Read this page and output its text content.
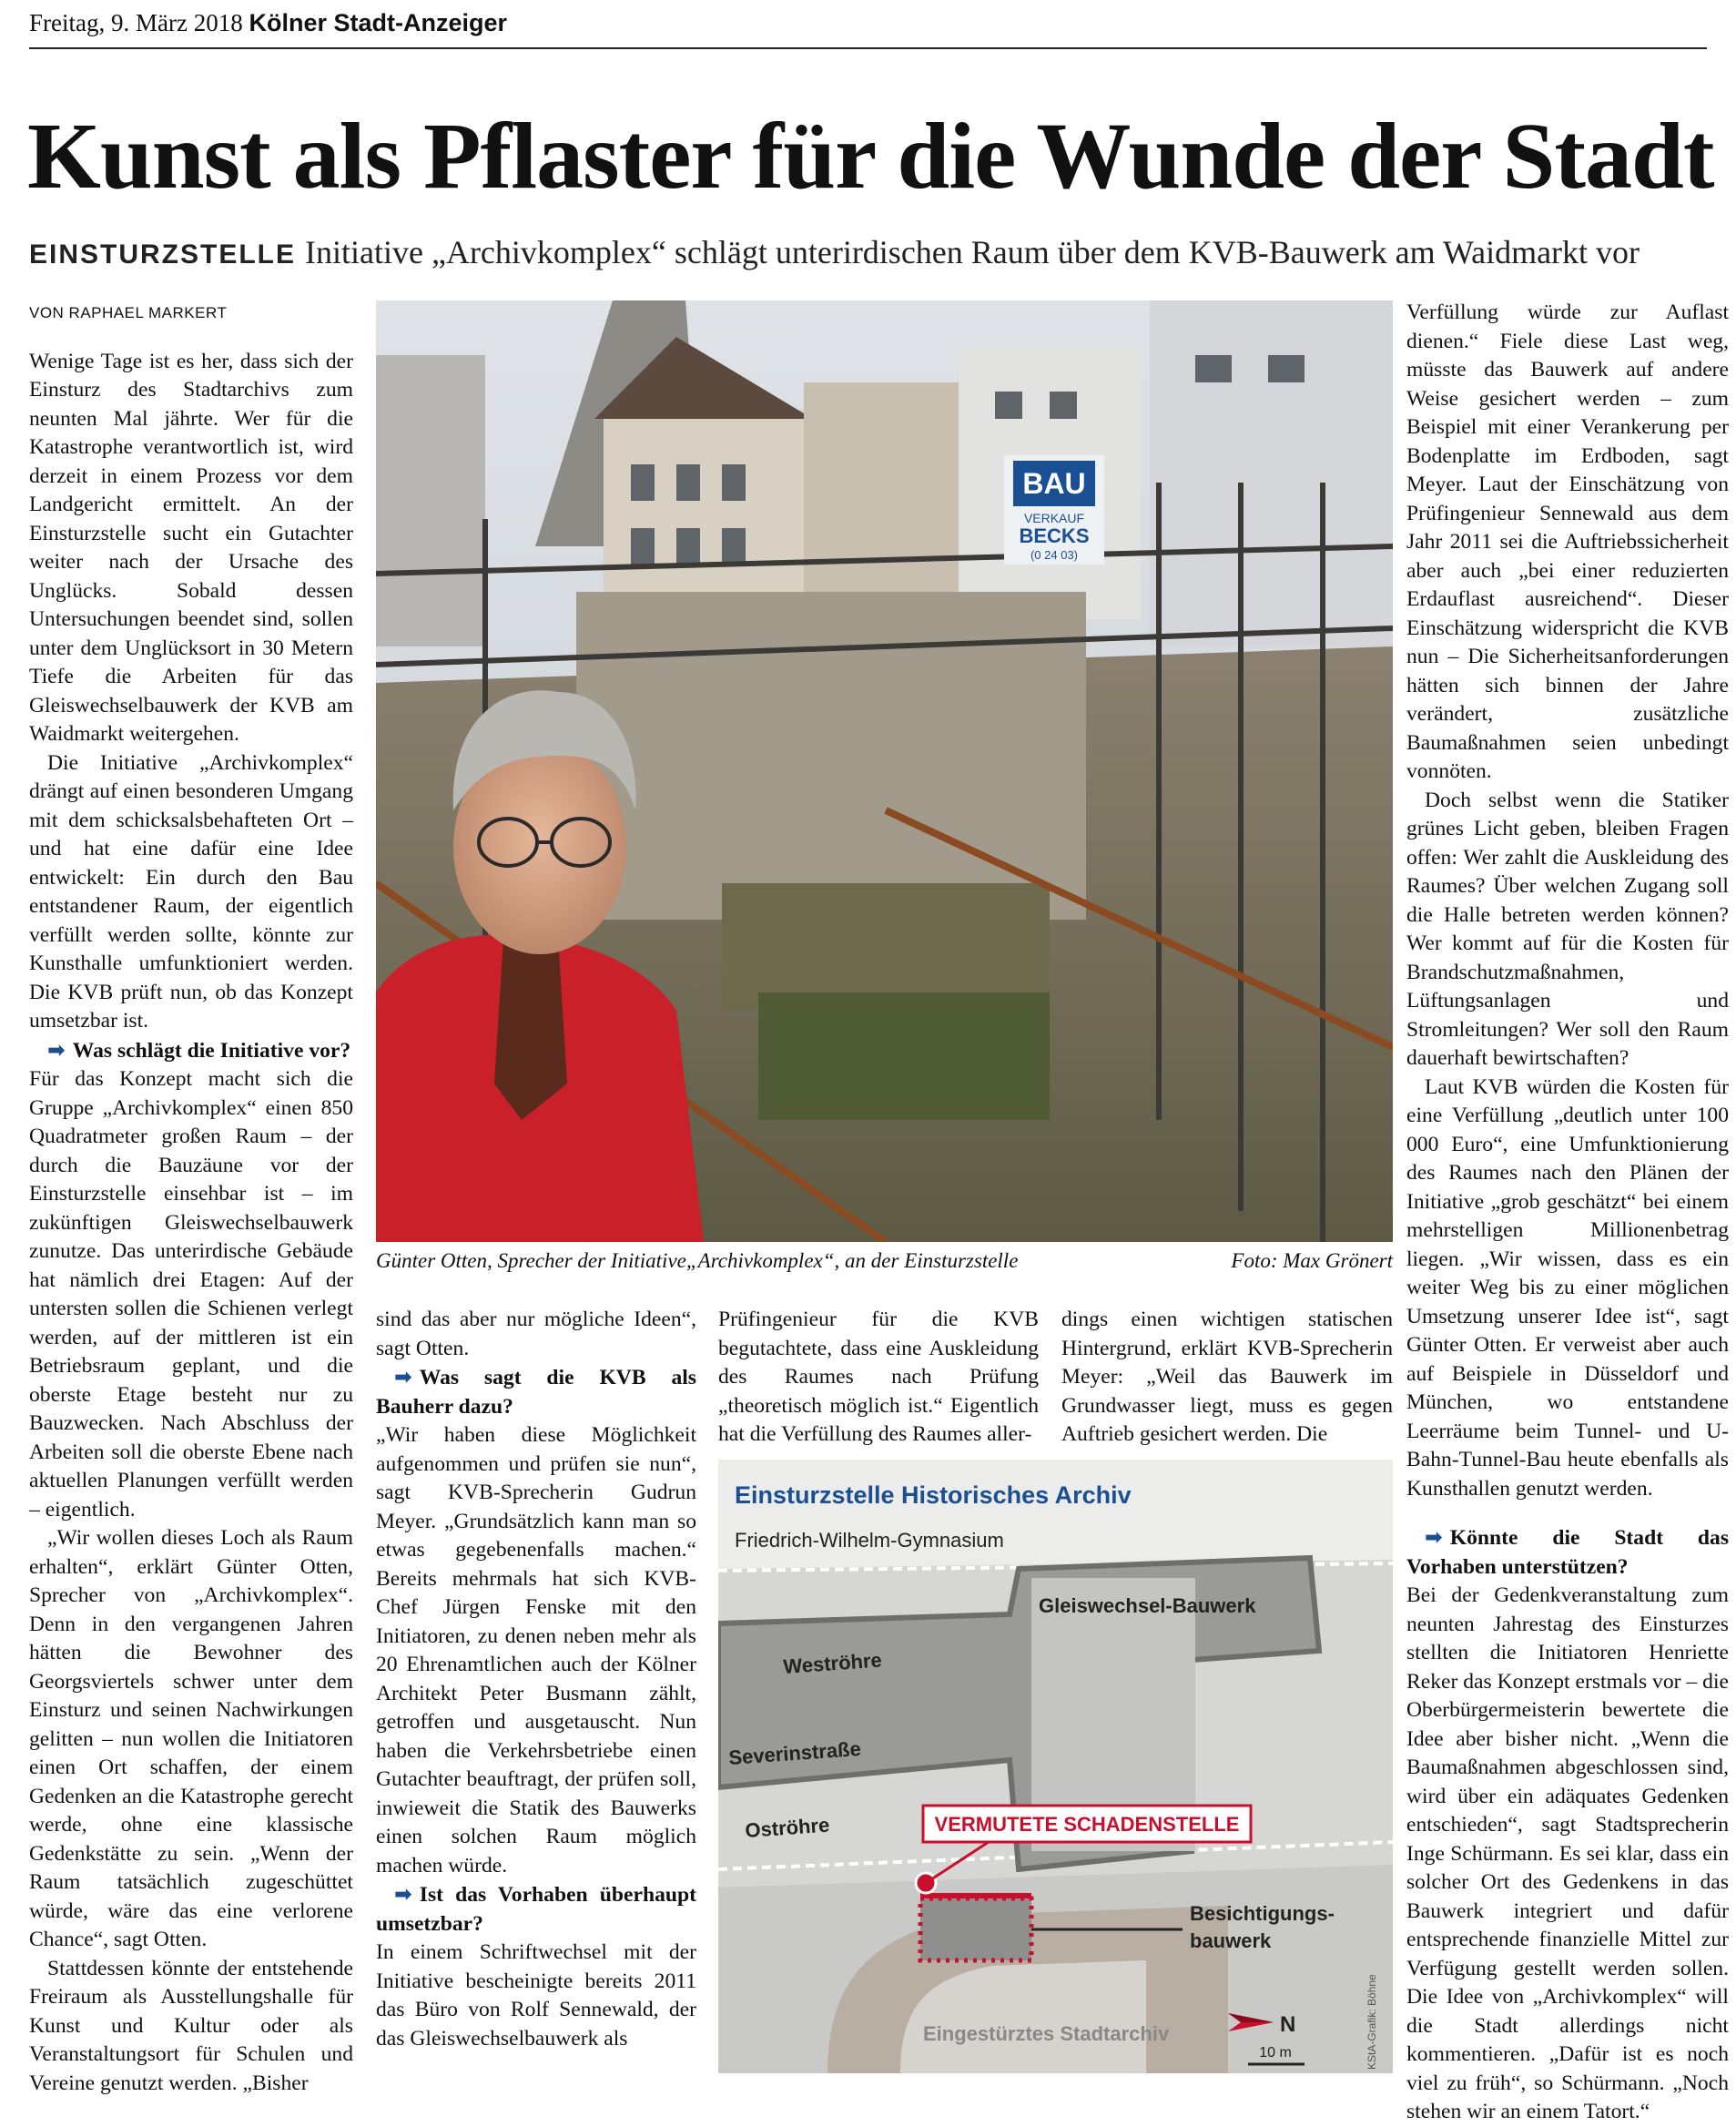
Freitag, 9. März 2018 Kölner Stadt-Anzeiger
Kunst als Pflaster für die Wunde der Stadt
EINSTURZSTELLE Initiative „Archivkomplex“ schlägt unterirdischen Raum über dem KVB-Bauwerk am Waidmarkt vor
VON RAPHAEL MARKERT

Wenige Tage ist es her, dass sich der Einsturz des Stadtarchivs zum neunten Mal jährte. Wer für die Katastrophe verantwortlich ist, wird derzeit in einem Prozess vor dem Landgericht ermittelt. An der Einsturzstelle sucht ein Gutachter weiter nach der Ursache des Unglücks. Sobald dessen Untersuchungen beendet sind, sollen unter dem Unglücksort in 30 Metern Tiefe die Arbeiten für das Gleiswechselbauwerk der KVB am Waidmarkt weitergehen.

Die Initiative „Archivkomplex“ drängt auf einen besonderen Umgang mit dem schicksalsbehafteten Ort – und hat eine dafür eine Idee entwickelt: Ein durch den Bau entstandener Raum, der eigentlich verfüllt werden sollte, könnte zur Kunsthalle umfunktioniert werden. Die KVB prüft nun, ob das Konzept umsetzbar ist.

➡ Was schlägt die Initiative vor?

Für das Konzept macht sich die Gruppe „Archivkomplex“ einen 850 Quadratmeter großen Raum – der durch die Bauzäune vor der Einsturzstelle einsehbar ist – im zukünftigen Gleiswechselbauwerk zunutze. Das unterirdische Gebäude hat nämlich drei Etagen: Auf der untersten sollen die Schienen verlegt werden, auf der mittleren ist ein Betriebsraum geplant, und die oberste Etage besteht nur zu Bauzwecken. Nach Abschluss der Arbeiten soll die oberste Ebene nach aktuellen Planungen verfüllt werden – eigentlich.

„Wir wollen dieses Loch als Raum erhalten“, erklärt Günter Otten, Sprecher von „Archivkomplex“. Denn in den vergangenen Jahren hätten die Bewohner des Georgsviertels schwer unter dem Einsturz und seinen Nachwirkungen gelitten – nun wollen die Initiatoren einen Ort schaffen, der einem Gedenken an die Katastrophe gerecht werde, ohne eine klassische Gedenkstätte zu sein. „Wenn der Raum tatsächlich zugeschüttet würde, wäre das eine verlorene Chance“, sagt Otten.

Stattdessen könnte der entstehende Freiraum als Ausstellungshalle für Kunst und Kultur oder als Veranstaltungsort für Schulen und Vereine genutzt werden. „Bisher

BAU
VERKAUF
BECKS
(0 24 03)
Günter Otten, Sprecher der Initiative„Archivkomplex“, an der Einsturzstelle	Foto: Max Grönert

sind das aber nur mögliche Ideen“, sagt Otten.

➡ Was sagt die KVB als Bauherr dazu?

„Wir haben diese Möglichkeit aufgenommen und prüfen sie nun“, sagt KVB-Sprecherin Gudrun Meyer. „Grundsätzlich kann man so etwas gegebenenfalls machen.“ Bereits mehrmals hat sich KVB-Chef Jürgen Fenske mit den Initiatoren, zu denen neben mehr als 20 Ehrenamtlichen auch der Kölner Architekt Peter Busmann zählt, getroffen und ausgetauscht. Nun haben die Verkehrsbetriebe einen Gutachter beauftragt, der prüfen soll, inwieweit die Statik des Bauwerks einen solchen Raum möglich machen würde.

➡ Ist das Vorhaben überhaupt umsetzbar?

In einem Schriftwechsel mit der Initiative bescheinigte bereits 2011 das Büro von Rolf Sennewald, der das Gleiswechselbauwerk als

Prüfingenieur für die KVB begutachtete, dass eine Auskleidung des Raumes nach Prüfung „theoretisch möglich ist.“ Eigentlich hat die Verfüllung des Raumes aller-

dings einen wichtigen statischen Hintergrund, erklärt KVB-Sprecherin Meyer: „Weil das Bauwerk im Grundwasser liegt, muss es gegen Auftrieb gesichert werden. Die

Einsturzstelle Historisches Archiv
Friedrich-Wilhelm-Gymnasium
Gleiswechsel-Bauwerk
Weströhre
Severinstraße
Oströhre	VERMUTETE SCHADENSTELLE
Besichtigungs-
bauwerk
Eingestürztes Stadtarchiv	N
10 m	KStA-Grafik: Böhne

Verfüllung würde zur Auflast dienen.“ Fiele diese Last weg, müsste das Bauwerk auf andere Weise gesichert werden – zum Beispiel mit einer Verankerung per Bodenplatte im Erdboden, sagt Meyer. Laut der Einschätzung von Prüfingenieur Sennewald aus dem Jahr 2011 sei die Auftriebssicherheit aber auch „bei einer reduzierten Erdauflast ausreichend“. Dieser Einschätzung widerspricht die KVB nun – Die Sicherheitsanforderungen hätten sich binnen der Jahre verändert, zusätzliche Baumaßnahmen seien unbedingt vonnöten.

Doch selbst wenn die Statiker grünes Licht geben, bleiben Fragen offen: Wer zahlt die Auskleidung des Raumes? Über welchen Zugang soll die Halle betreten werden können? Wer kommt auf für die Kosten für Brandschutzmaßnahmen, Lüftungsanlagen und Stromleitungen? Wer soll den Raum dauerhaft bewirtschaften?

Laut KVB würden die Kosten für eine Verfüllung „deutlich unter 100 000 Euro“, eine Umfunktionierung des Raumes nach den Plänen der Initiative „grob geschätzt“ bei einem mehrstelligen Millionenbetrag liegen. „Wir wissen, dass es ein weiter Weg bis zu einer möglichen Umsetzung unserer Idee ist“, sagt Günter Otten. Er verweist aber auch auf Beispiele in Düsseldorf und München, wo entstandene Leerräume beim Tunnel- und U-Bahn-Tunnel-Bau heute ebenfalls als Kunsthallen genutzt werden.

➡ Könnte die Stadt das Vorhaben unterstützen?

Bei der Gedenkveranstaltung zum neunten Jahrestag des Einsturzes stellten die Initiatoren Henriette Reker das Konzept erstmals vor – die Oberbürgermeisterin bewertete die Idee aber bisher nicht. „Wenn die Baumaßnahmen abgeschlossen sind, wird über ein adäquates Gedenken entschieden“, sagt Stadtsprecherin Inge Schürmann. Es sei klar, dass ein solcher Ort des Gedenkens in das Bauwerk integriert und dafür entsprechende finanzielle Mittel zur Verfügung gestellt werden sollen. Die Idee von „Archivkomplex“ will die Stadt allerdings nicht kommentieren. „Dafür ist es noch viel zu früh“, so Schürmann. „Noch stehen wir an einem Tatort.“
